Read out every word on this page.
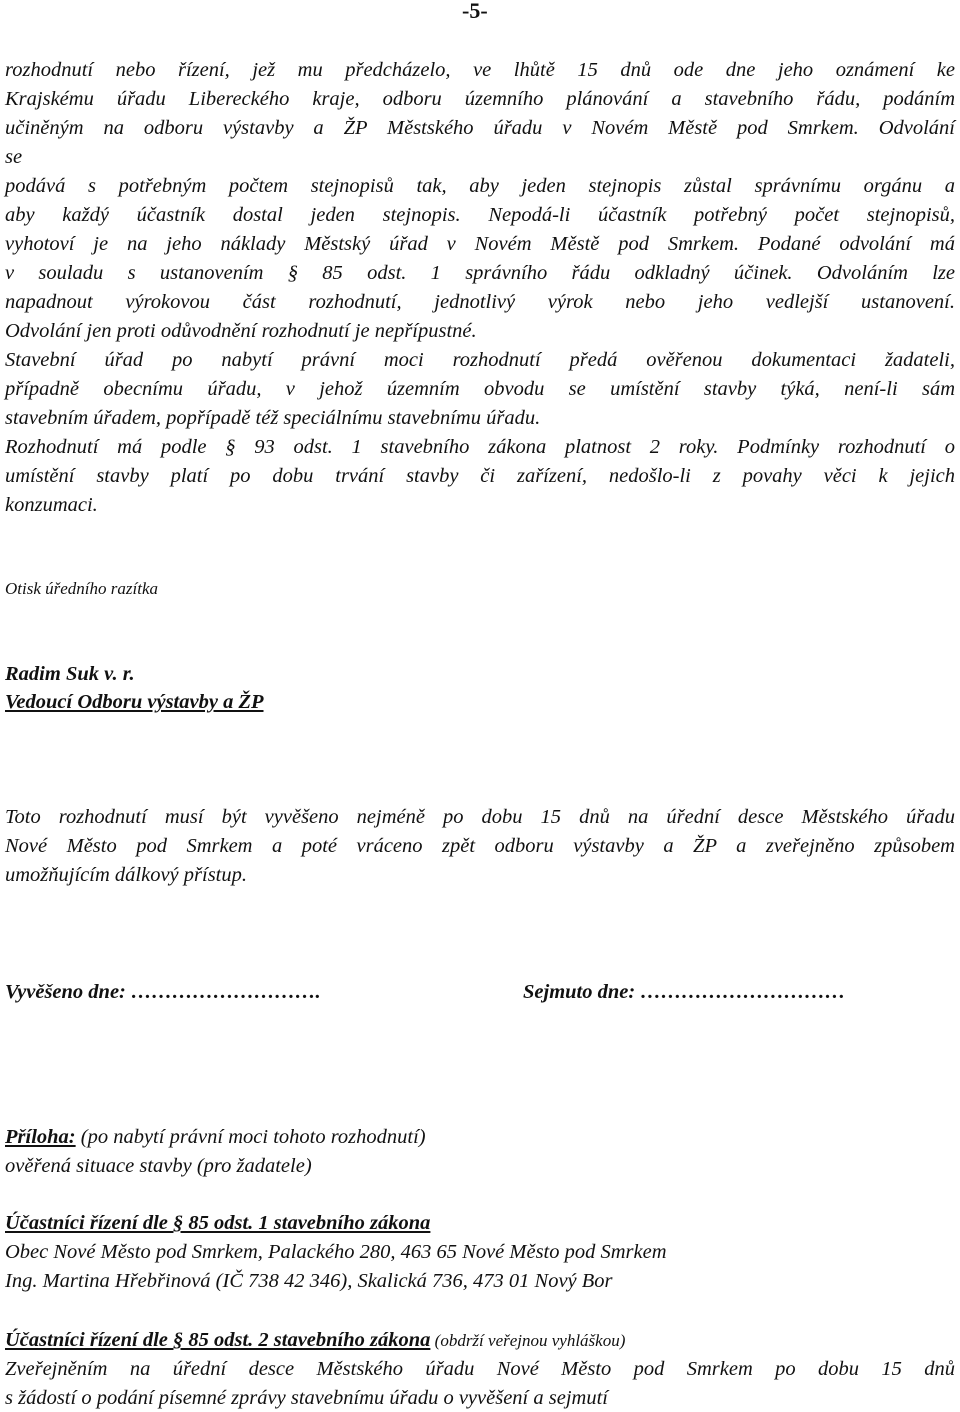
-5-
rozhodnutí nebo řízení, jež mu předcházelo, ve lhůtě 15 dnů ode dne jeho oznámení ke
Krajskému úřadu Libereckého kraje, odboru územního plánování a stavebního řádu, podáním
učiněným na odboru výstavby a ŽP Městského úřadu v Novém Městě pod Smrkem. Odvolání
se
podává s potřebným počtem stejnopisů tak, aby jeden stejnopis zůstal správnímu orgánu a
aby každý účastník dostal jeden stejnopis. Nepodá-li účastník potřebný počet stejnopisů,
vyhotoví je na jeho náklady Městský úřad v Novém Městě pod Smrkem. Podané odvolání má
v souladu s ustanovením § 85 odst. 1 správního řádu odkladný účinek. Odvoláním lze
napadnout výrokovou část rozhodnutí, jednotlivý výrok nebo jeho vedlejší ustanovení.
Odvolání jen proti odůvodnění rozhodnutí je nepřípustné.
Stavební úřad po nabytí právní moci rozhodnutí předá ověřenou dokumentaci žadateli,
případně obecnímu úřadu, v jehož územním obvodu se umístění stavby týká, není-li sám
stavebním úřadem, popřípadě též speciálnímu stavebnímu úřadu.
Rozhodnutí má podle § 93 odst. 1 stavebního zákona platnost 2 roky. Podmínky rozhodnutí o
umístění stavby platí po dobu trvání stavby či zařízení, nedošlo-li z povahy věci k jejich
konzumaci.
Otisk úředního razítka
Radim Suk v. r.
Vedoucí Odboru výstavby a ŽP
Toto rozhodnutí musí být vyvěšeno nejméně po dobu 15 dnů na úřední desce Městského úřadu
Nové Město pod Smrkem a poté vráceno zpět odboru výstavby a ŽP a zveřejněno způsobem
umožňujícím dálkový přístup.
Vyvěšeno dne: ……………………….	Sejmuto dne: …………………………
Příloha: (po nabytí právní moci tohoto rozhodnutí)
ověřená situace stavby (pro žadatele)
Účastníci řízení dle § 85 odst. 1 stavebního zákona
Obec Nové Město pod Smrkem, Palackého 280, 463 65 Nové Město pod Smrkem
Ing. Martina Hřebřinová (IČ 738 42 346), Skalická 736, 473 01 Nový Bor
Účastníci řízení dle § 85 odst. 2 stavebního zákona (obdrží veřejnou vyhláškou)
Zveřejněním na úřední desce Městského úřadu Nové Město pod Smrkem po dobu 15 dnů
s žádostí o podání písemné zprávy stavebnímu úřadu o vyvěšení a sejmutí
